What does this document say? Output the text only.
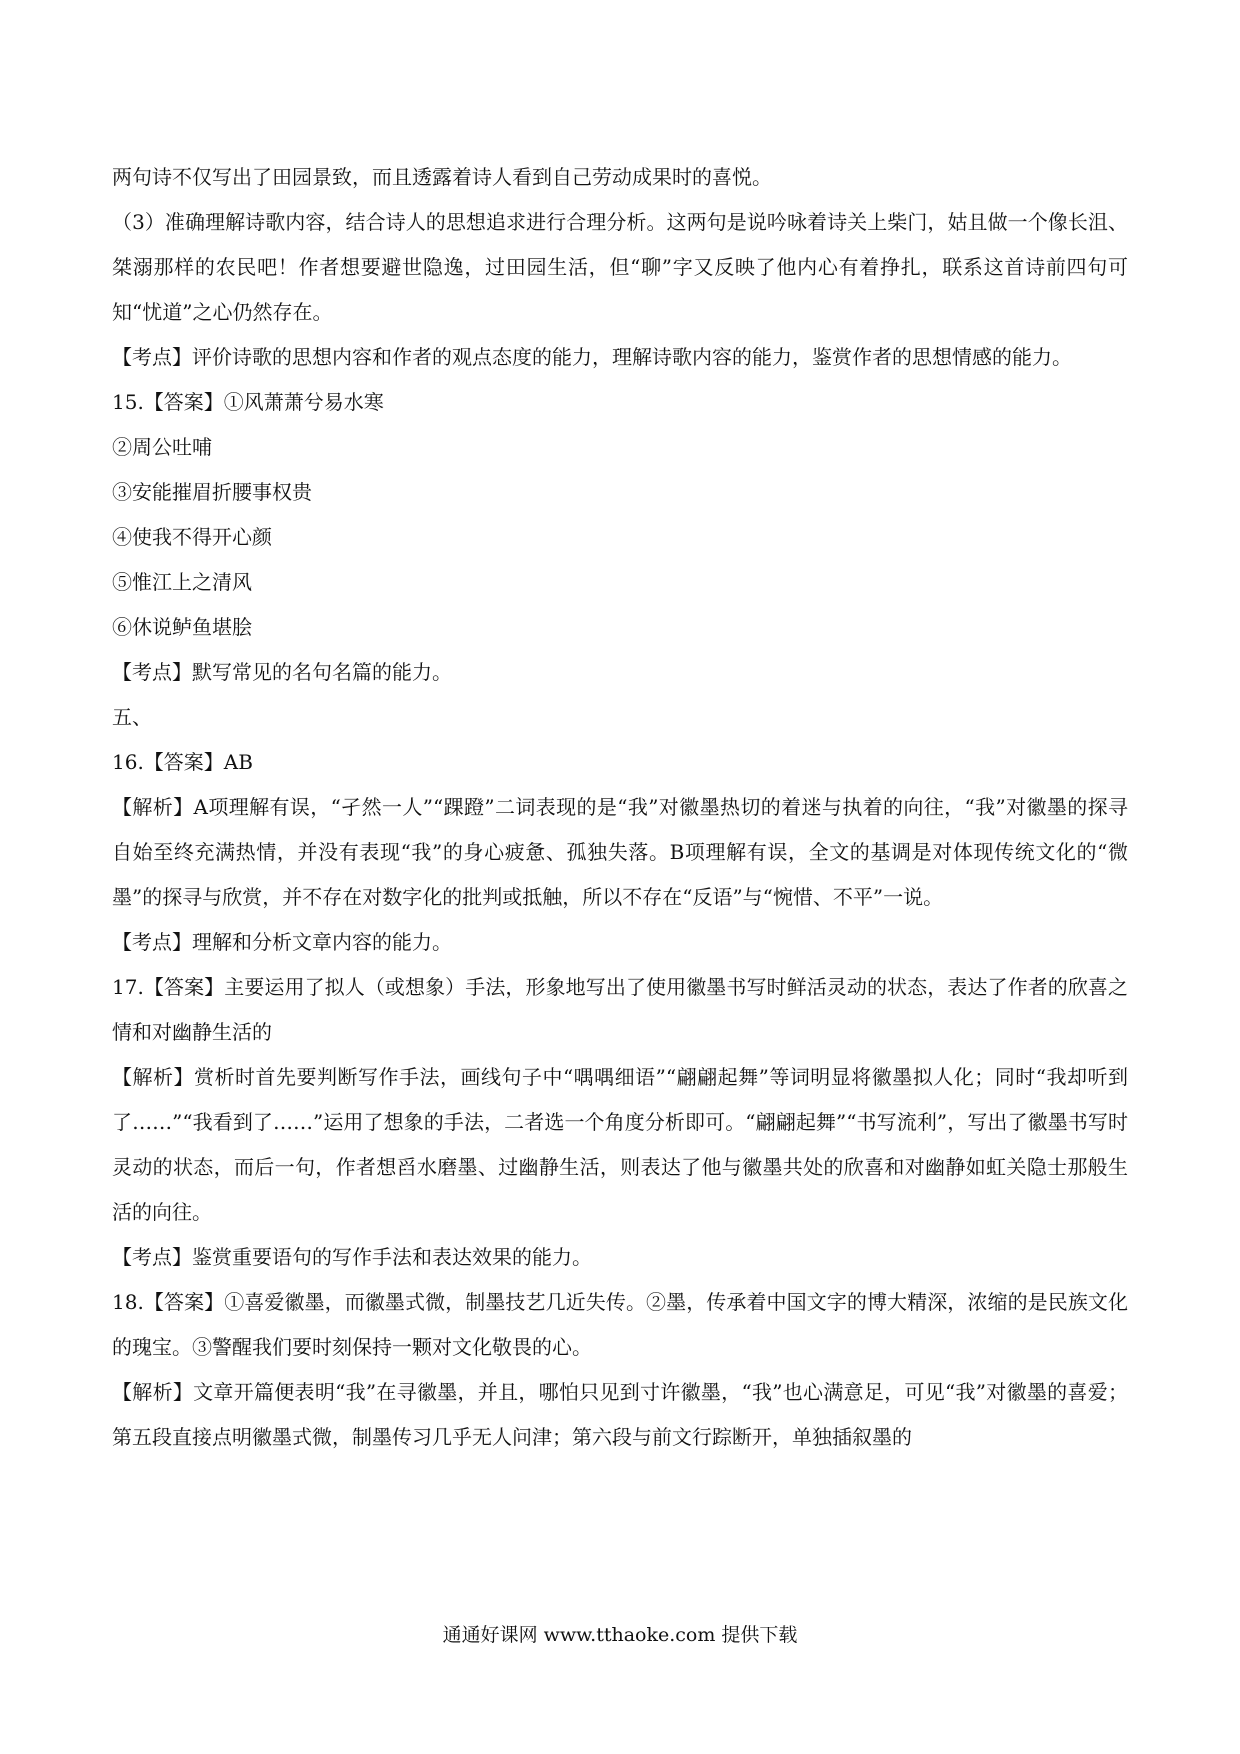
两句诗不仅写出了田园景致，而且透露着诗人看到自己劳动成果时的喜悦。

（3）准确理解诗歌内容，结合诗人的思想追求进行合理分析。这两句是说吟咏着诗关上柴门，姑且做一个像长沮、桀溺那样的农民吧！作者想要避世隐逸，过田园生活，但“聊”字又反映了他内心有着挣扎，联系这首诗前四句可知“忧道”之心仍然存在。

【考点】评价诗歌的思想内容和作者的观点态度的能力，理解诗歌内容的能力，鉴赏作者的思想情感的能力。

15.【答案】①风萧萧兮易水寒

②周公吐哺

③安能摧眉折腰事权贵

④使我不得开心颜

⑤惟江上之清风

⑥休说鲈鱼堪脍

【考点】默写常见的名句名篇的能力。

五、

16.【答案】AB

【解析】A项理解有误，“孑然一人”“踝蹬”二词表现的是“我”对徽墨热切的着迷与执着的向往，“我”对徽墨的探寻自始至终充满热情，并没有表现“我”的身心疲惫、孤独失落。B项理解有误，全文的基调是对体现传统文化的“微墨”的探寻与欣赏，并不存在对数字化的批判或抵触，所以不存在“反语”与“惋惜、不平”一说。

【考点】理解和分析文章内容的能力。

17.【答案】主要运用了拟人（或想象）手法，形象地写出了使用徽墨书写时鲜活灵动的状态，表达了作者的欣喜之情和对幽静生活的

【解析】赏析时首先要判断写作手法，画线句子中“喁喁细语”“翩翩起舞”等词明显将徽墨拟人化；同时“我却听到了……”“我看到了……”运用了想象的手法，二者选一个角度分析即可。“翩翩起舞”“书写流利”，写出了徽墨书写时灵动的状态，而后一句，作者想舀水磨墨、过幽静生活，则表达了他与徽墨共处的欣喜和对幽静如虹关隐士那般生活的向往。

【考点】鉴赏重要语句的写作手法和表达效果的能力。

18.【答案】①喜爱徽墨，而徽墨式微，制墨技艺几近失传。②墨，传承着中国文字的博大精深，浓缩的是民族文化的瑰宝。③警醒我们要时刻保持一颗对文化敬畏的心。

【解析】文章开篇便表明“我”在寻徽墨，并且，哪怕只见到寸许徽墨，“我”也心满意足，可见“我”对徽墨的喜爱；第五段直接点明徽墨式微，制墨传习几乎无人问津；第六段与前文行踪断开，单独插叙墨的

通通好课网 www.tthaoke.com 提供下载
